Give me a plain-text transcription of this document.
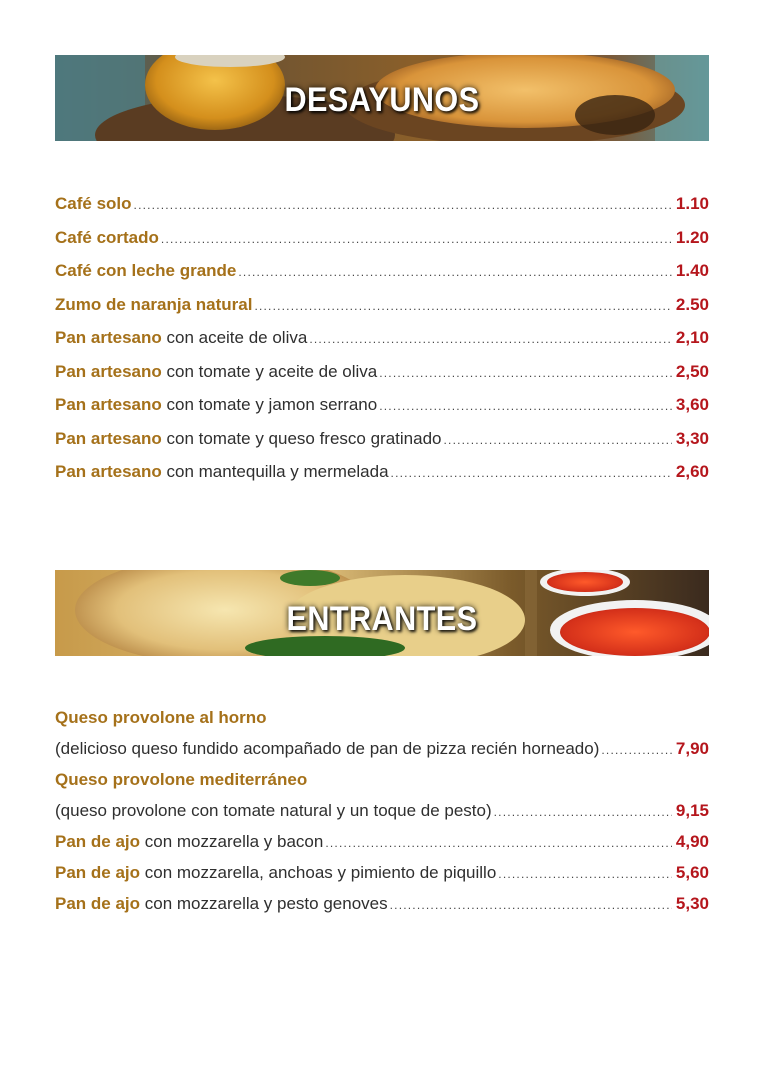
DESAYUNOS
Café solo .....	1.10
Café cortado .....	1.20
Café con leche grande .....	1.40
Zumo de naranja natural .....	2.50
Pan artesano con aceite de oliva .....	2,10
Pan artesano con tomate y aceite de oliva .....	2,50
Pan artesano con tomate y jamon serrano .....	3,60
Pan artesano con tomate y queso fresco gratinado .....	3,30
Pan artesano con mantequilla y mermelada .....	2,60
ENTRANTES
Queso provolone al horno
(delicioso queso fundido acompañado de pan de pizza recién horneado) .....	7,90
Queso provolone mediterráneo
(queso provolone con tomate natural y un toque de pesto) .....	9,15
Pan de ajo con mozzarella y bacon .....	4,90
Pan de ajo con mozzarella, anchoas y pimiento de piquillo .....	5,60
Pan de ajo con mozzarella y pesto genoves .....	5,30
